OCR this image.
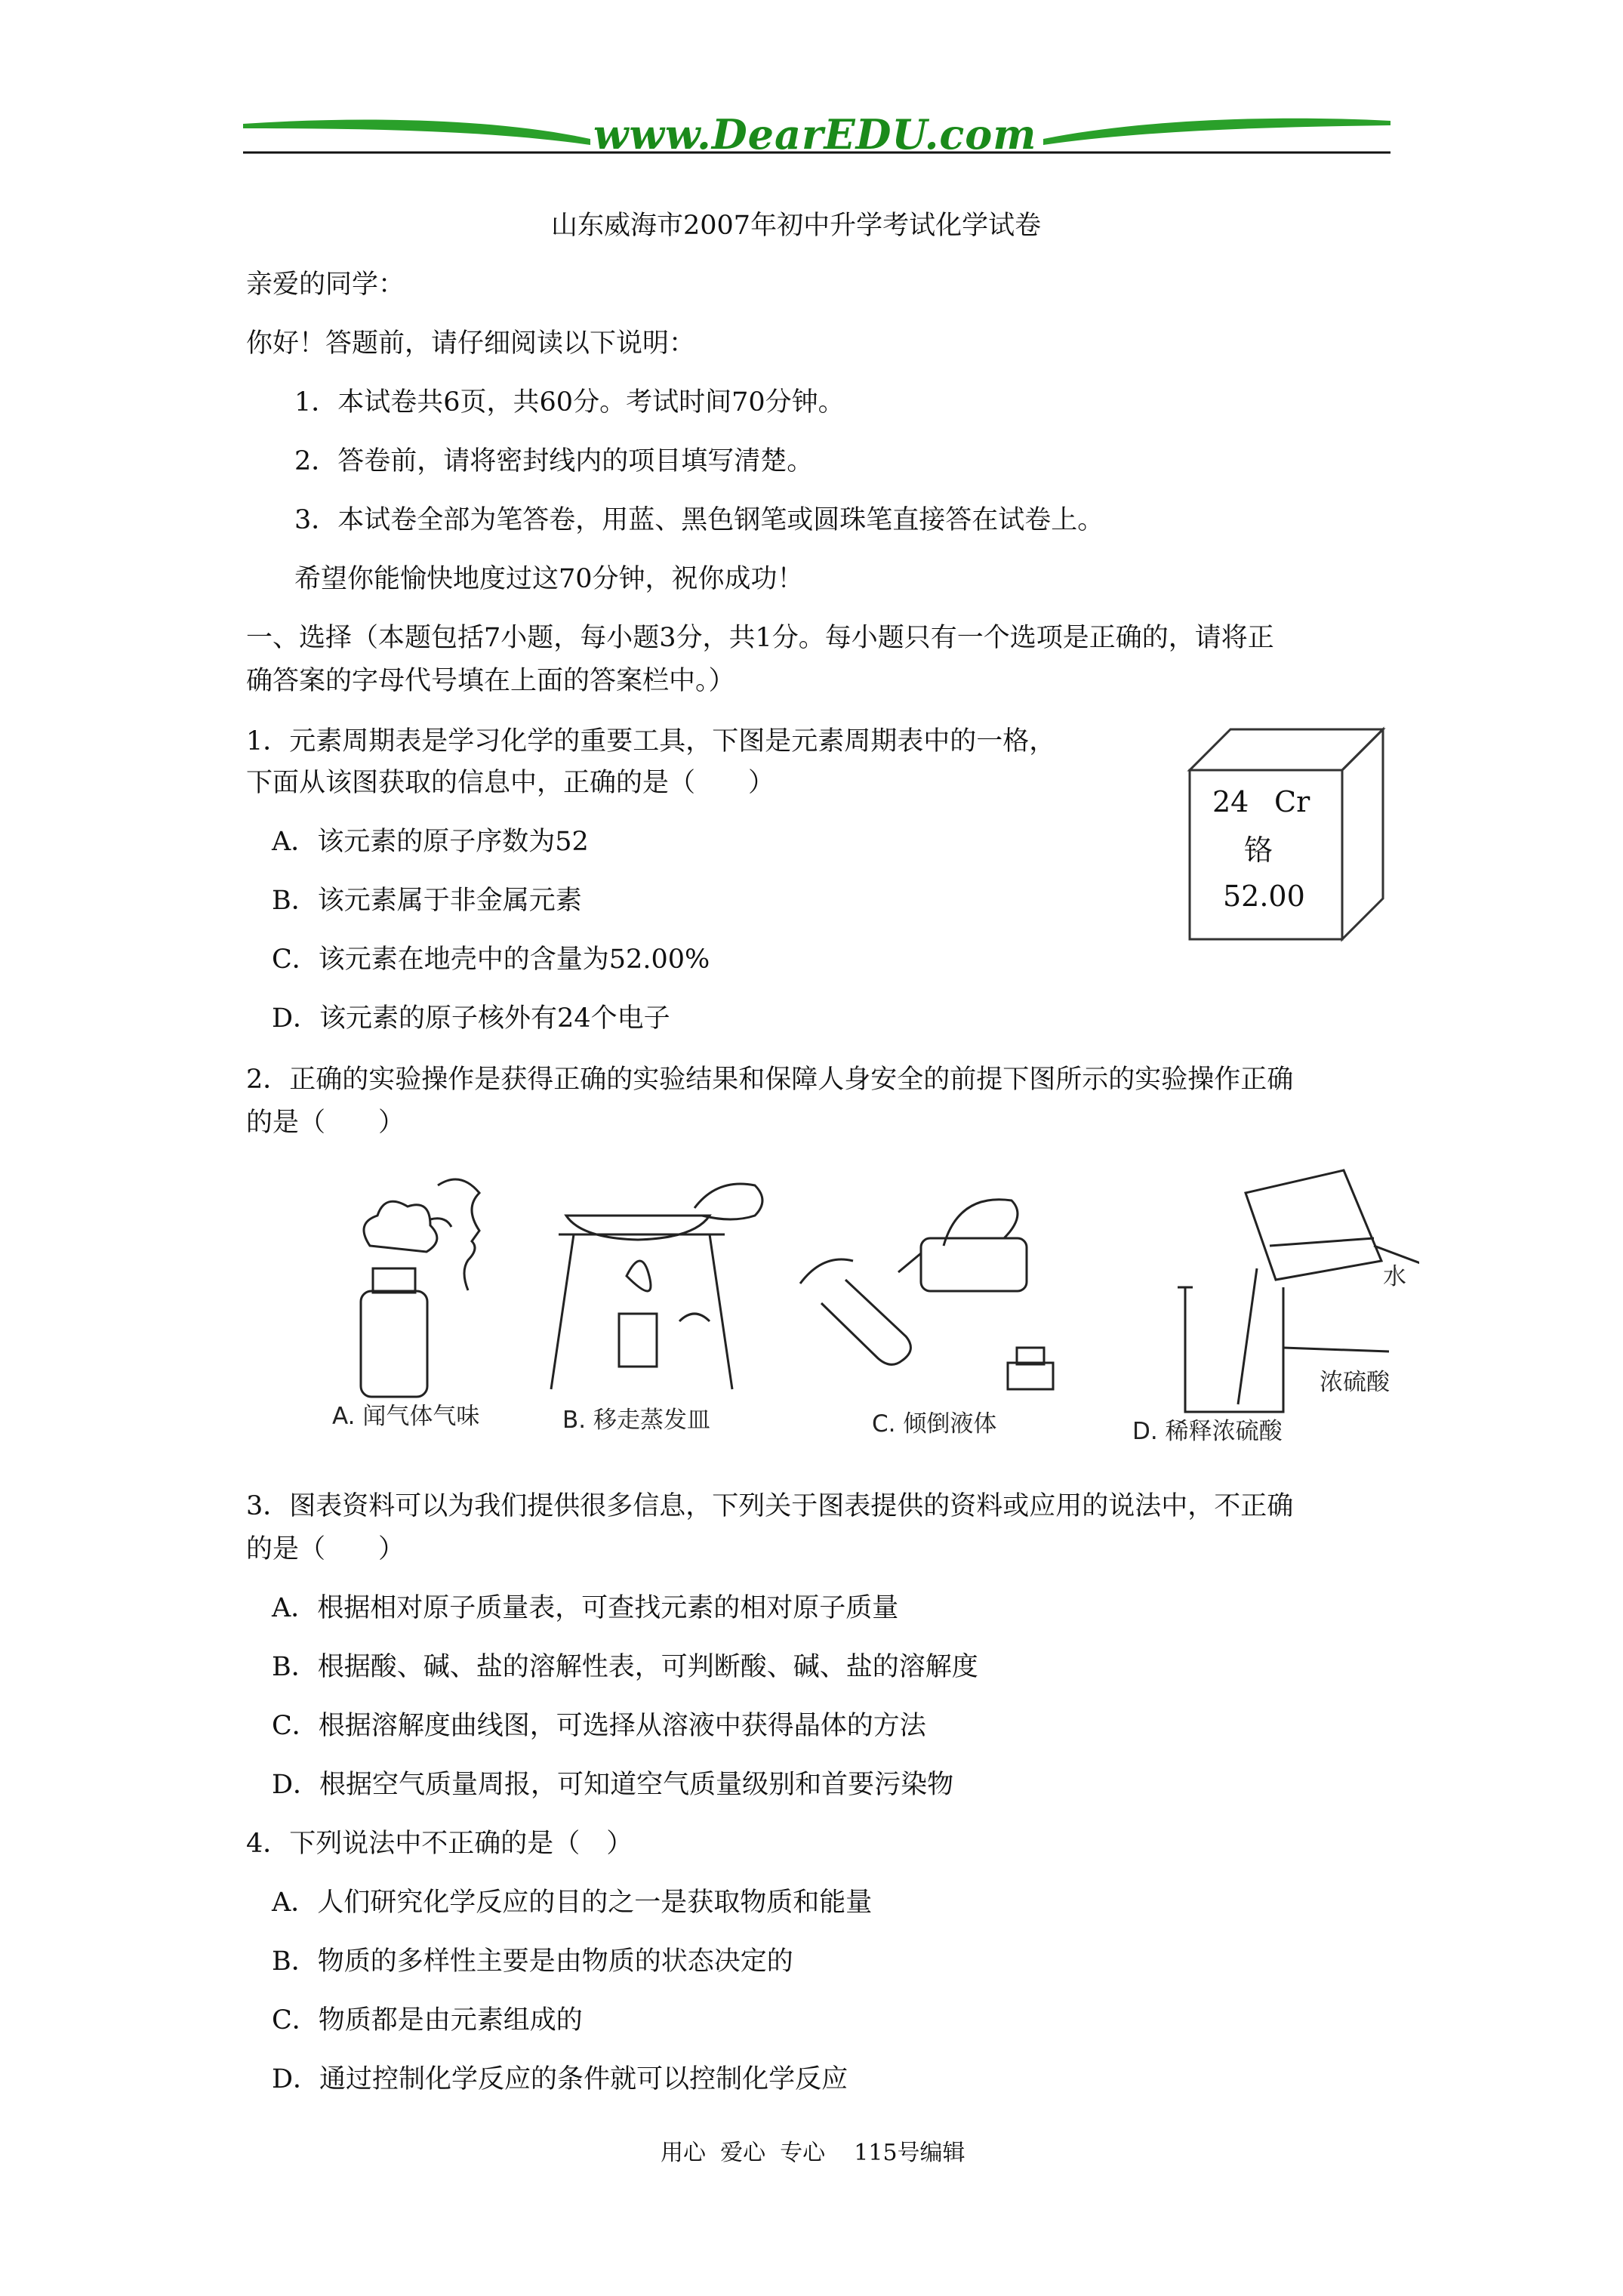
www.DearEDU.com
山东威海市2007年初中升学考试化学试卷
亲爱的同学：
你好！答题前，请仔细阅读以下说明：
1．本试卷共6页，共60分。考试时间70分钟。
2．答卷前，请将密封线内的项目填写清楚。
3．本试卷全部为笔答卷，用蓝、黑色钢笔或圆珠笔直接答在试卷上。
希望你能愉快地度过这70分钟，祝你成功！
一、选择（本题包括7小题，每小题3分，共1分。每小题只有一个选项是正确的，请将正
确答案的字母代号填在上面的答案栏中。）
1．元素周期表是学习化学的重要工具，下图是元素周期表中的一格，
下面从该图获取的信息中，正确的是（　　）
A．该元素的原子序数为52
B．该元素属于非金属元素
C．该元素在地壳中的含量为52.00%
D．该元素的原子核外有24个电子
24 Cr
铬
52.00
2．正确的实验操作是获得正确的实验结果和保障人身安全的前提下图所示的实验操作正确
的是（　　）
水
浓硫酸
A. 闻气体气味	B. 移走蒸发皿	C. 倾倒液体	D. 稀释浓硫酸
3．图表资料可以为我们提供很多信息，下列关于图表提供的资料或应用的说法中，不正确
的是（　　）
A．根据相对原子质量表，可查找元素的相对原子质量
B．根据酸、碱、盐的溶解性表，可判断酸、碱、盐的溶解度
C．根据溶解度曲线图，可选择从溶液中获得晶体的方法
D．根据空气质量周报，可知道空气质量级别和首要污染物
4．下列说法中不正确的是（　）
A．人们研究化学反应的目的之一是获取物质和能量
B．物质的多样性主要是由物质的状态决定的
C．物质都是由元素组成的
D．通过控制化学反应的条件就可以控制化学反应
用心  爱心  专心    115号编辑
